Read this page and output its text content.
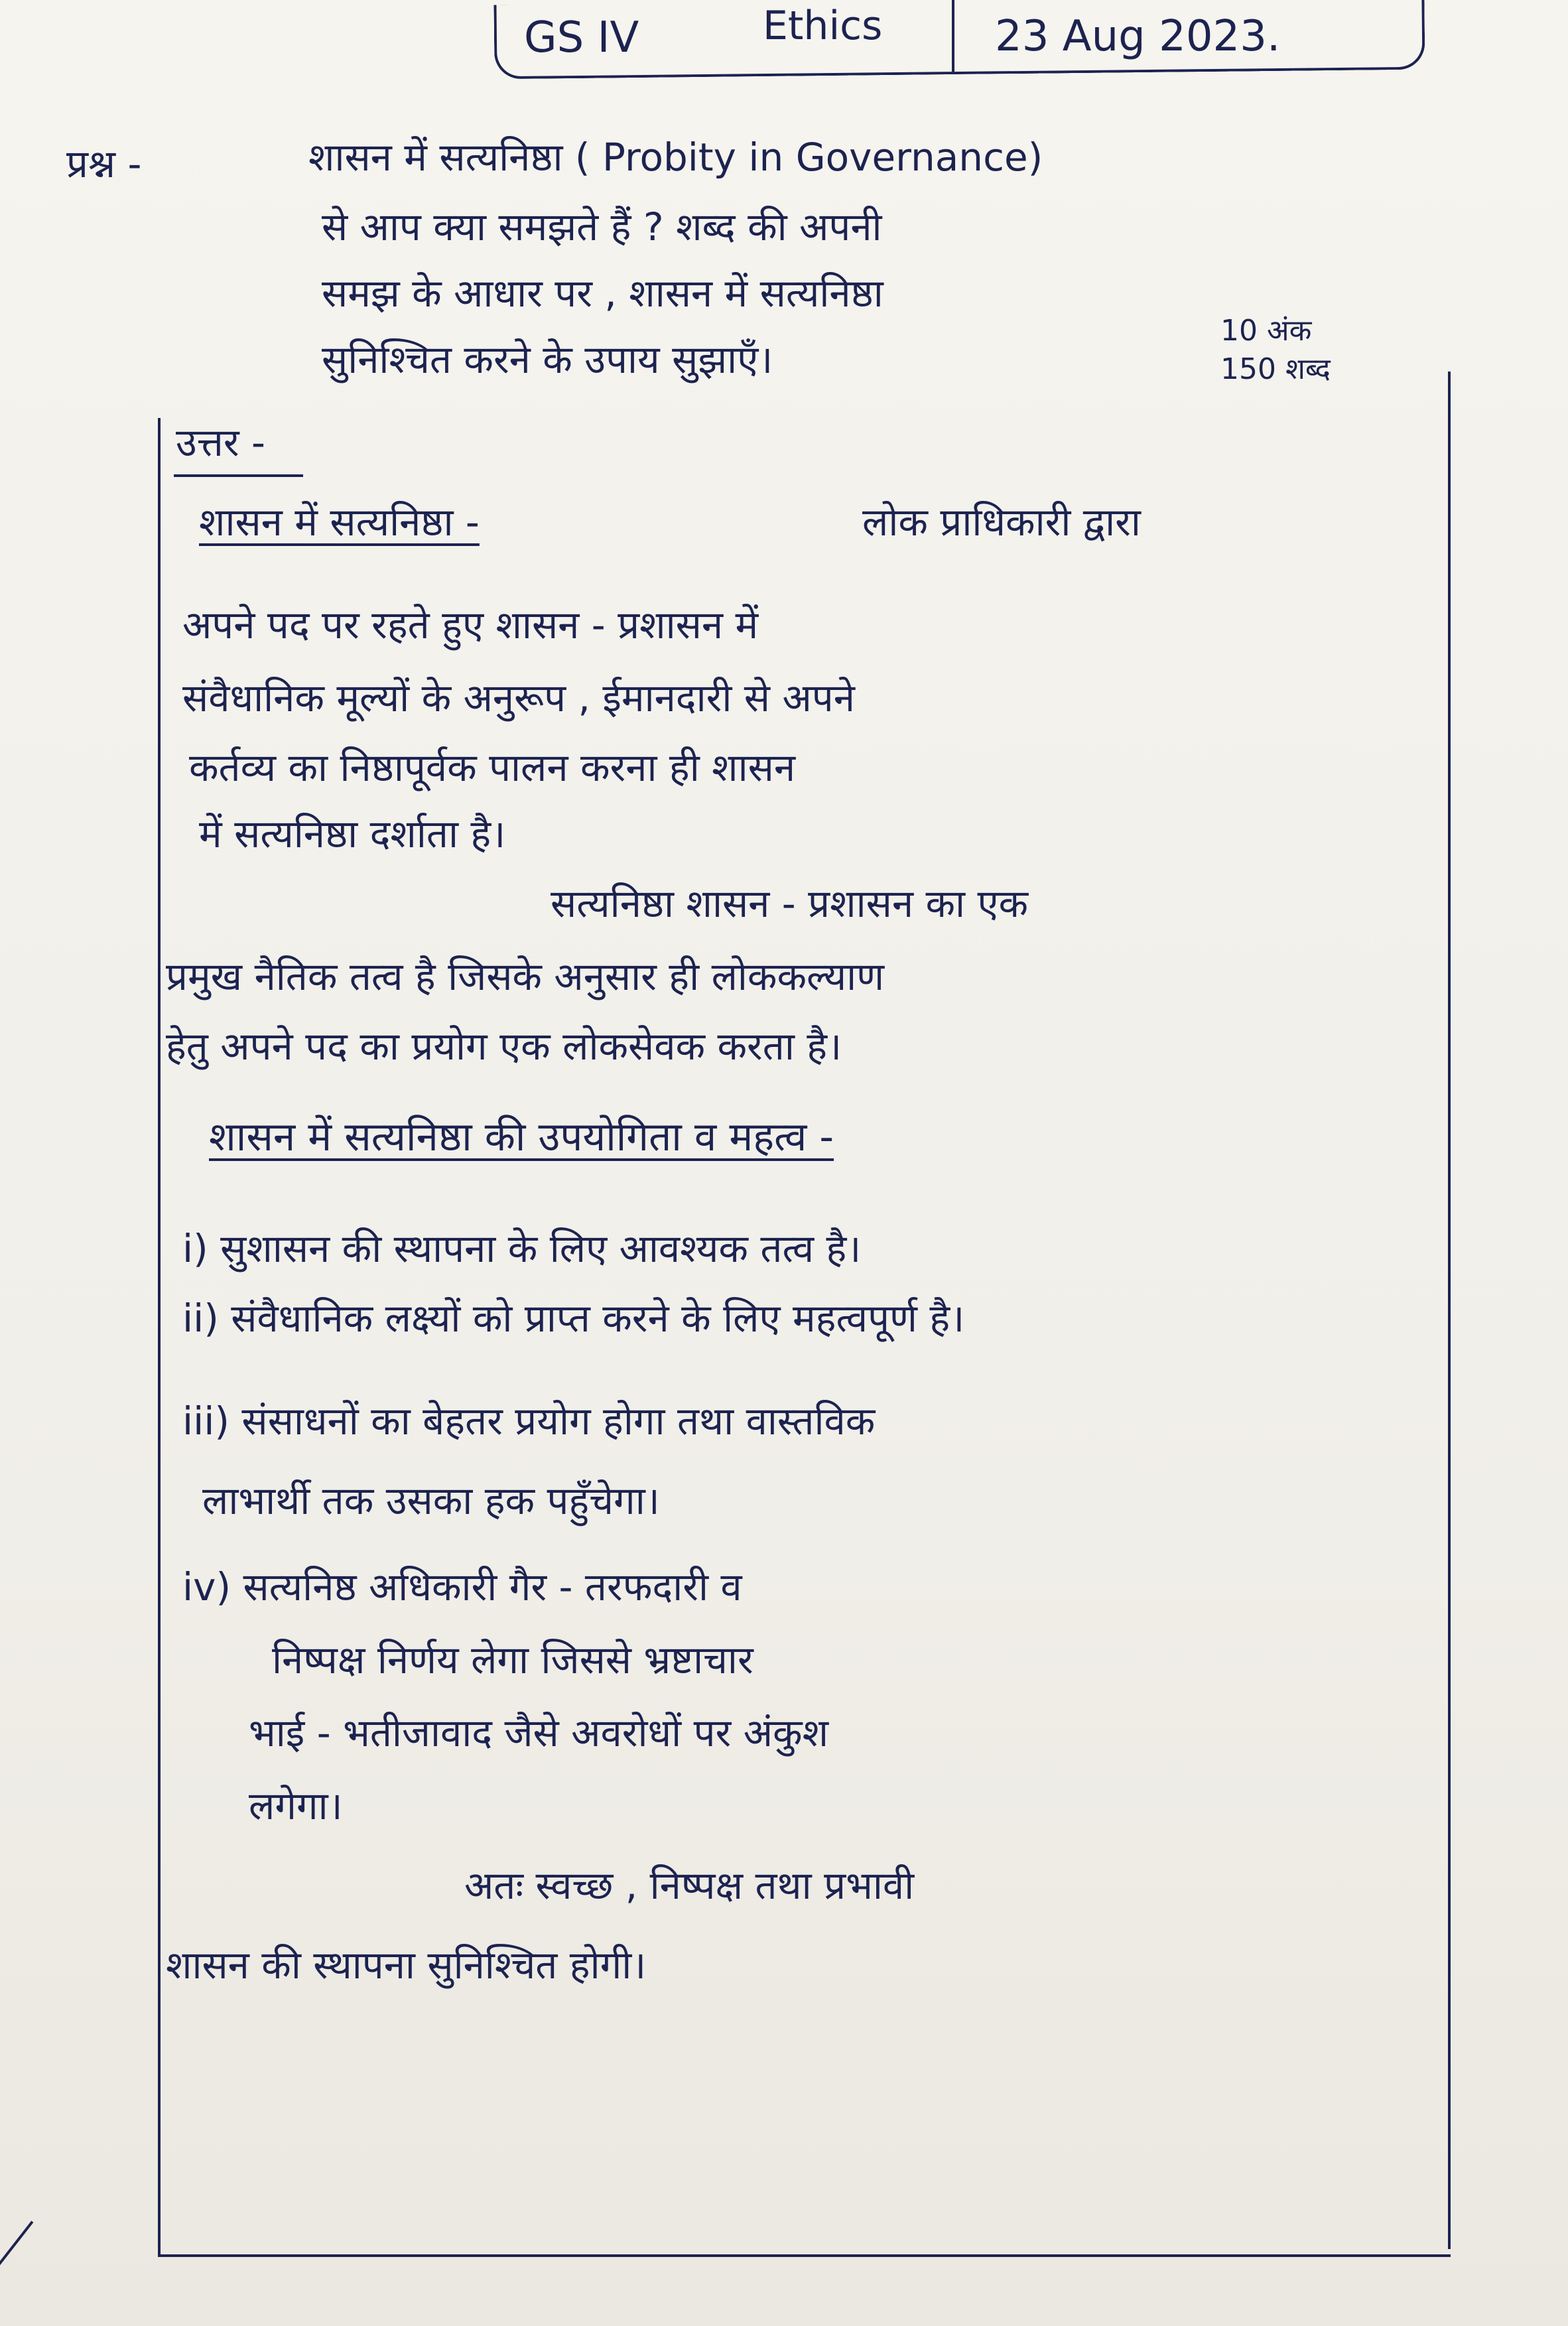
GS IV	Ethics	23 Aug 2023.
प्रश्न -	शासन में सत्यनिष्ठा ( Probity in Governance)
से आप क्या समझते हैं ? शब्द की अपनी
समझ के आधार पर , शासन में सत्यनिष्ठा
सुनिश्चित करने के उपाय सुझाएँ।
10 अंक
150 शब्द
उत्तर -
शासन में सत्यनिष्ठा -	लोक प्राधिकारी द्वारा
अपने पद पर रहते हुए शासन - प्रशासन में
संवैधानिक मूल्यों के अनुरूप , ईमानदारी से अपने
कर्तव्य का निष्ठापूर्वक पालन करना ही शासन
में सत्यनिष्ठा दर्शाता है।
सत्यनिष्ठा शासन - प्रशासन का एक
प्रमुख नैतिक तत्व है जिसके अनुसार ही लोककल्याण
हेतु अपने पद का प्रयोग एक लोकसेवक करता है।
शासन में सत्यनिष्ठा की उपयोगिता व महत्व -
i) सुशासन की स्थापना के लिए आवश्यक तत्व है।
ii) संवैधानिक लक्ष्यों को प्राप्त करने के लिए महत्वपूर्ण है।
iii) संसाधनों का बेहतर प्रयोग होगा तथा वास्तविक
लाभार्थी तक उसका हक पहुँचेगा।
iv) सत्यनिष्ठ अधिकारी गैर - तरफदारी व
निष्पक्ष निर्णय लेगा जिससे भ्रष्टाचार
भाई - भतीजावाद जैसे अवरोधों पर अंकुश
लगेगा।
अतः स्वच्छ , निष्पक्ष तथा प्रभावी
शासन की स्थापना सुनिश्चित होगी।
